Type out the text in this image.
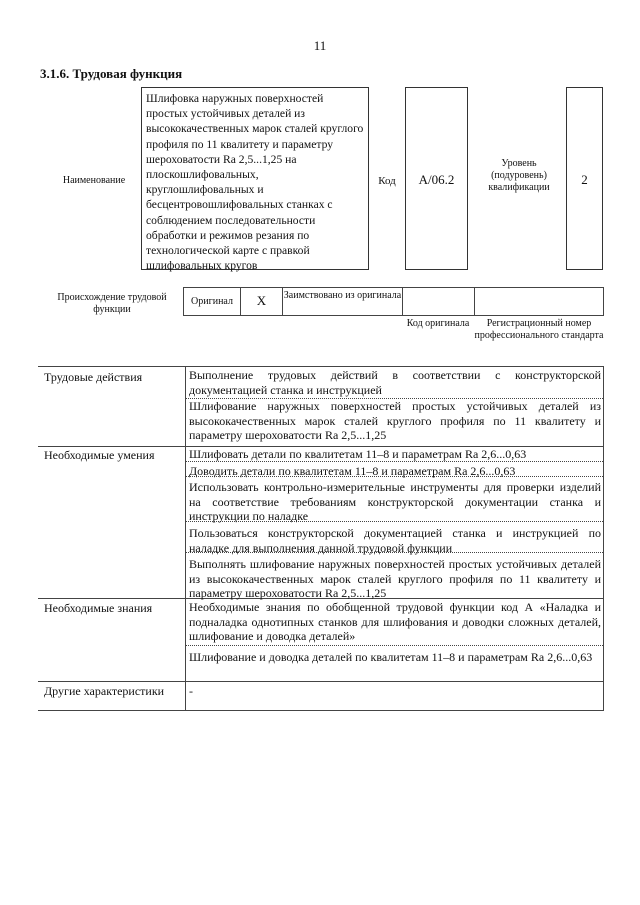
11
3.1.6. Трудовая функция
Наименование
Шлифовка наружных поверхностей простых устойчивых деталей из высококачественных марок сталей круглого профиля по 11 квалитету и параметру шероховатости Ra 2,5...1,25 на плоскошлифовальных, круглошлифовальных и бесцентровошлифовальных станках с соблюдением последовательности обработки и режимов резания по технологической карте с правкой шлифовальных кругов
Код	А/06.2
Уровень (подуровень) квалификации
2
Происхождение трудовой функции
Оригинал	X	Заимствовано из оригинала
Код оригинала	Регистрационный номер профессионального стандарта
Трудовые действия	Выполнение трудовых действий в соответствии с конструкторской документацией станка и инструкцией

Шлифование наружных поверхностей простых устойчивых деталей из высококачественных марок сталей круглого профиля по 11 квалитету и параметру шероховатости Ra 2,5...1,25

Необходимые умения	Шлифовать детали по квалитетам 11–8 и параметрам Ra 2,6...0,63

Доводить детали по квалитетам 11–8 и параметрам Ra 2,6...0,63

Использовать контрольно-измерительные инструменты для проверки изделий на соответствие требованиям конструкторской документации станка и инструкции по наладке

Пользоваться конструкторской документацией станка и инструкцией по наладке для выполнения данной трудовой функции

Выполнять шлифование наружных поверхностей простых устойчивых деталей из высококачественных марок сталей круглого профиля по 11 квалитету и параметру шероховатости Ra 2,5...1,25

Необходимые знания	Необходимые знания по обобщенной трудовой функции код А «Наладка и подналадка однотипных станков для шлифования и доводки сложных деталей, шлифование и доводка деталей»

Шлифование и доводка деталей по квалитетам 11–8 и параметрам Ra 2,6...0,63

Другие характеристики -
